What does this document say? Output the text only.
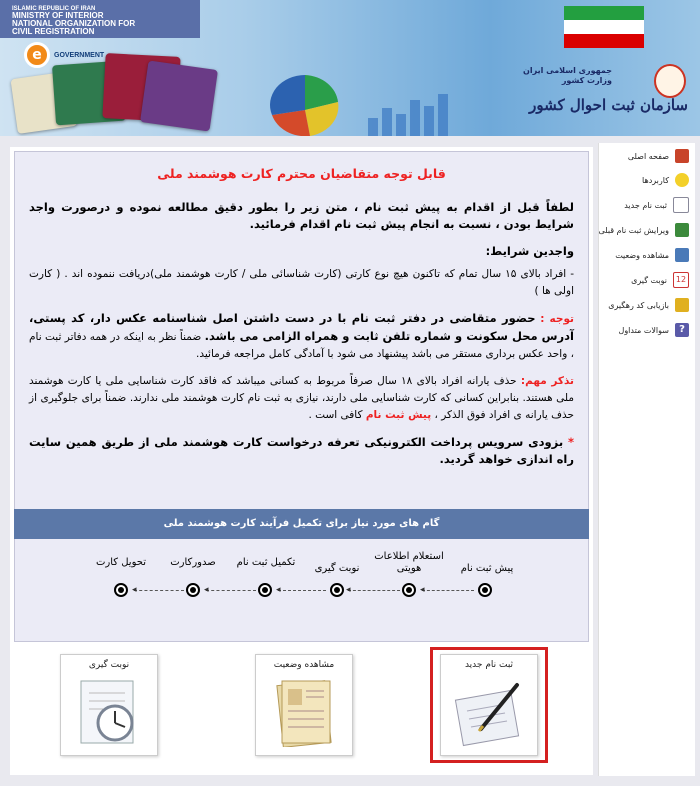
ISLAMIC REPUBLIC OF IRAN
MINISTRY OF INTERIOR
NATIONAL ORGANIZATION FOR
CIVIL REGISTRATION
e	GOVERNMENT
جمهوری اسلامی ایران
وزارت کشور
سازمان ثبت احوال کشور
قابل توجه متقاضیان محترم کارت هوشمند ملی

لطفاً قبل از اقدام به پیش ثبت نام ، متن زیر را بطور دقیق مطالعه نموده و درصورت واجد شرایط بودن ، نسبت به انجام پیش ثبت نام اقدام فرمائید.

واجدین شرایط:

- افراد بالای ۱۵ سال تمام که تاکنون هیچ نوع کارتی (کارت شناسائی ملی / کارت هوشمند ملی)دریافت ننموده اند . ( کارت اولی ها )

توجه : حضور متقاضی در دفتر ثبت نام با در دست داشتن اصل شناسنامه عکس دار، کد پستی، آدرس محل سکونت و شماره تلفن ثابت و همراه الزامی می باشد. ضمناً نظر به اینکه در همه دفاتر ثبت نام ، واحد عکس برداری مستقر می باشد پیشنهاد می شود با آمادگی کامل مراجعه فرمائید.

تذکر مهم: حذف یارانه افراد بالای ۱۸ سال صرفاً مربوط به کسانی میباشد که فاقد کارت شناسایی ملی یا کارت هوشمند ملی هستند. بنابراین کسانی که کارت شناسایی ملی دارند، نیازی به ثبت نام کارت هوشمند ملی ندارند. ضمناً برای جلوگیری از حذف یارانه ی افراد فوق الذکر ، پیش ثبت نام کافی است .

* بزودی سرویس پرداخت الکترونیکی تعرفه درخواست کارت هوشمند ملی از طریق همین سایت راه اندازی خواهد گردید.

گام های مورد نیاز برای تکمیل فرآیند کارت هوشمند ملی
پیش ثبت نام
استعلام اطلاعات هویتی
نوبت گیری
تکمیل ثبت نام
صدورکارت
تحویل کارت
◂	◂	◂	◂	◂
نوبت گیری	مشاهده وضعیت	ثبت نام جدید
صفحه اصلی
کاربردها
ثبت نام جدید
ویرایش ثبت نام قبلی
مشاهده وضعیت
12
نوبت گیری
بازیابی کد رهگیری
?
سوالات متداول
